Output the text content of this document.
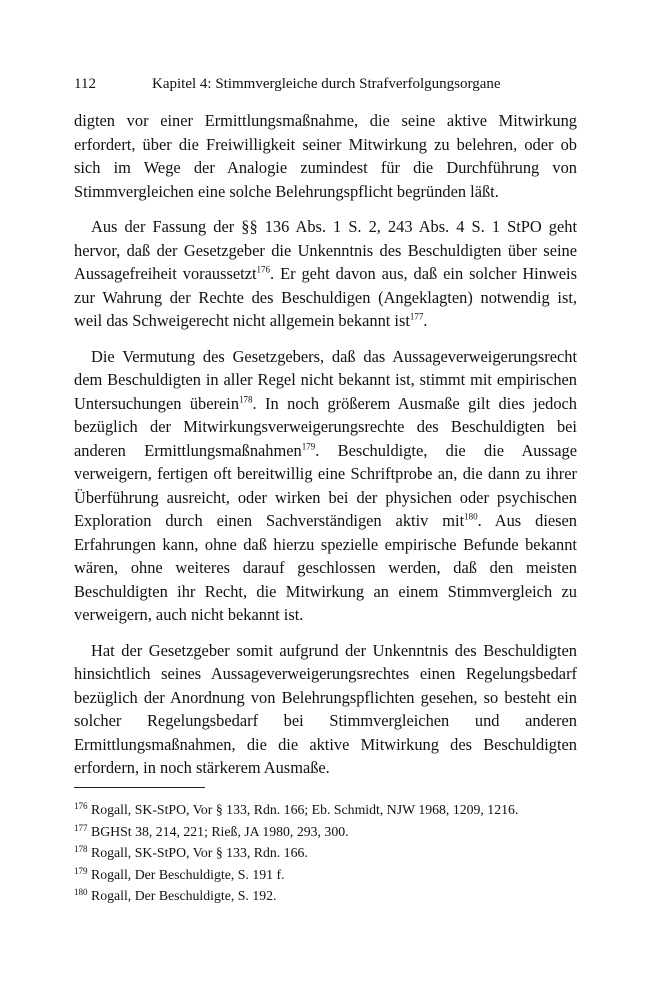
112	Kapitel 4: Stimmvergleiche durch Strafverfolgungsorgane

digten vor einer Ermittlungsmaßnahme, die seine aktive Mitwirkung erfordert, über die Freiwilligkeit seiner Mitwirkung zu belehren, oder ob sich im Wege der Analogie zumindest für die Durchführung von Stimmvergleichen eine solche Belehrungspflicht begründen läßt.

Aus der Fassung der §§ 136 Abs. 1 S. 2, 243 Abs. 4 S. 1 StPO geht hervor, daß der Gesetzgeber die Unkenntnis des Beschuldigten über seine Aussagefreiheit voraussetzt$^{176}$. Er geht davon aus, daß ein solcher Hinweis zur Wahrung der Rechte des Beschuldigen (Angeklagten) notwendig ist, weil das Schweigerecht nicht allgemein bekannt ist$^{177}$.

Die Vermutung des Gesetzgebers, daß das Aussageverweigerungsrecht dem Beschuldigten in aller Regel nicht bekannt ist, stimmt mit empirischen Untersuchungen überein$^{178}$. In noch größerem Ausmaße gilt dies jedoch bezüglich der Mitwirkungsverweigerungsrechte des Beschuldigten bei anderen Ermittlungsmaßnahmen$^{179}$. Beschuldigte, die die Aussage verweigern, fertigen oft bereitwillig eine Schriftprobe an, die dann zu ihrer Überführung ausreicht, oder wirken bei der physichen oder psychischen Exploration durch einen Sachverständigen aktiv mit$^{180}$. Aus diesen Erfahrungen kann, ohne daß hierzu spezielle empirische Befunde bekannt wären, ohne weiteres darauf geschlossen werden, daß den meisten Beschuldigten ihr Recht, die Mitwirkung an einem Stimmvergleich zu verweigern, auch nicht bekannt ist.

Hat der Gesetzgeber somit aufgrund der Unkenntnis des Beschuldigten hinsichtlich seines Aussageverweigerungsrechtes einen Regelungsbedarf bezüglich der Anordnung von Belehrungspflichten gesehen, so besteht ein solcher Regelungsbedarf bei Stimmvergleichen und anderen Ermittlungsmaßnahmen, die die aktive Mitwirkung des Beschuldigten erfordern, in noch stärkerem Ausmaße.

176 Rogall, SK-StPO, Vor § 133, Rdn. 166; Eb. Schmidt, NJW 1968, 1209, 1216.
177 BGHSt 38, 214, 221; Rieß, JA 1980, 293, 300.
178 Rogall, SK-StPO, Vor § 133, Rdn. 166.
179 Rogall, Der Beschuldigte, S. 191 f.
180 Rogall, Der Beschuldigte, S. 192.
